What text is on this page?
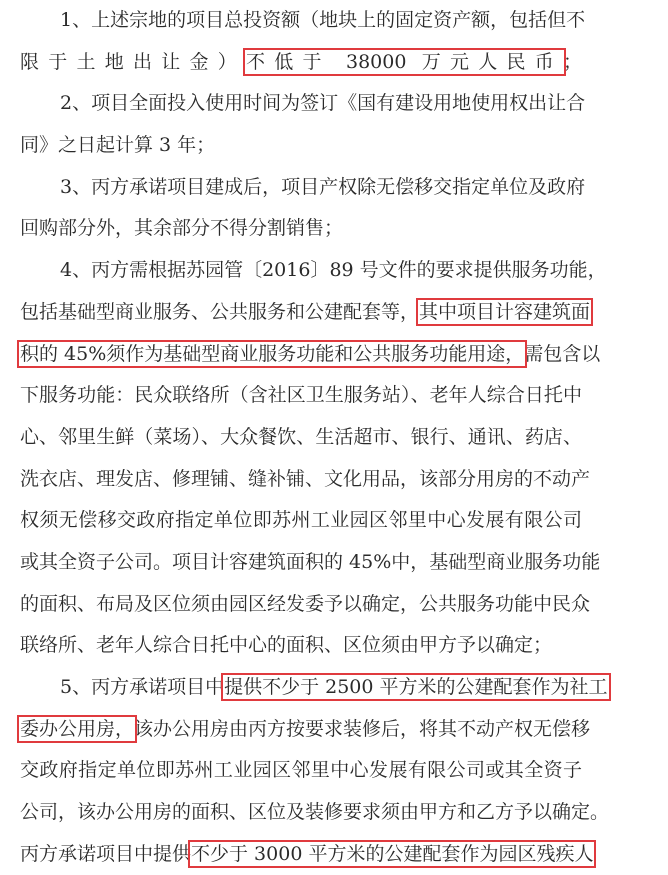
1、上述宗地的项目总投资额（地块上的固定资产额，包括但不
限于土地出让金）不低于 38000 万元人民币；
2、项目全面投入使用时间为签订《国有建设用地使用权出让合
同》之日起计算 3 年；
3、丙方承诺项目建成后，项目产权除无偿移交指定单位及政府
回购部分外，其余部分不得分割销售；
4、丙方需根据苏园管〔2016〕89 号文件的要求提供服务功能，
包括基础型商业服务、公共服务和公建配套等，其中项目计容建筑面
积的 45%须作为基础型商业服务功能和公共服务功能用途，需包含以
下服务功能：民众联络所（含社区卫生服务站）、老年人综合日托中
心、邻里生鲜（菜场）、大众餐饮、生活超市、银行、通讯、药店、
洗衣店、理发店、修理铺、缝补铺、文化用品，该部分用房的不动产
权须无偿移交政府指定单位即苏州工业园区邻里中心发展有限公司
或其全资子公司。项目计容建筑面积的 45%中，基础型商业服务功能
的面积、布局及区位须由园区经发委予以确定，公共服务功能中民众
联络所、老年人综合日托中心的面积、区位须由甲方予以确定；
5、丙方承诺项目中提供不少于 2500 平方米的公建配套作为社工
委办公用房，该办公用房由丙方按要求装修后，将其不动产权无偿移
交政府指定单位即苏州工业园区邻里中心发展有限公司或其全资子
公司，该办公用房的面积、区位及装修要求须由甲方和乙方予以确定。
丙方承诺项目中提供不少于 3000 平方米的公建配套作为园区残疾人
